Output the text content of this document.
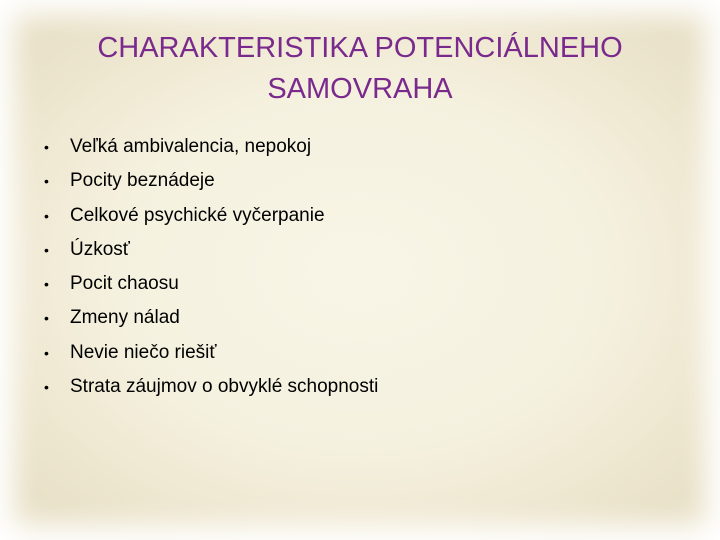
CHARAKTERISTIKA POTENCIÁLNEHO
SAMOVRAHA
• Veľká ambivalencia, nepokoj
• Pocity beznádeje
• Celkové psychické vyčerpanie
• Úzkosť
• Pocit chaosu
• Zmeny nálad
• Nevie niečo riešiť
• Strata záujmov o obvyklé schopnosti
